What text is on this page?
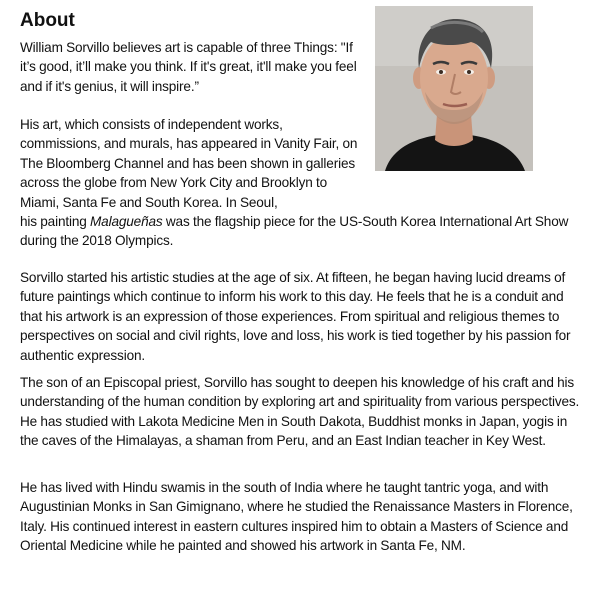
About

William Sorvillo believes art is capable of three Things: "If it’s good, it’ll make you think. If it's great, it'll make you feel and if it's genius, it will inspire.”

His art, which consists of independent works, commissions, and murals, has appeared in Vanity Fair, on The Bloomberg Channel and has been shown in galleries across the globe from New York City and Brooklyn to Miami, Santa Fe and South Korea. In Seoul,
his painting Malagueñas was the flagship piece for the US-South Korea International Art Show during the 2018 Olympics.

Sorvillo started his artistic studies at the age of six. At fifteen, he began having lucid dreams of future paintings which continue to inform his work to this day. He feels that he is a conduit and that his artwork is an expression of those experiences. From spiritual and religious themes to perspectives on social and civil rights, love and loss, his work is tied together by his passion for authentic expression.

The son of an Episcopal priest, Sorvillo has sought to deepen his knowledge of his craft and his understanding of the human condition by exploring art and spirituality from various perspectives. He has studied with Lakota Medicine Men in South Dakota, Buddhist monks in Japan, yogis in the caves of the Himalayas, a shaman from Peru, and an East Indian teacher in Key West.

He has lived with Hindu swamis in the south of India where he taught tantric yoga, and with Augustinian Monks in San Gimignano, where he studied the Renaissance Masters in Florence, Italy. His continued interest in eastern cultures inspired him to obtain a Masters of Science and Oriental Medicine while he painted and showed his artwork in Santa Fe, NM.
